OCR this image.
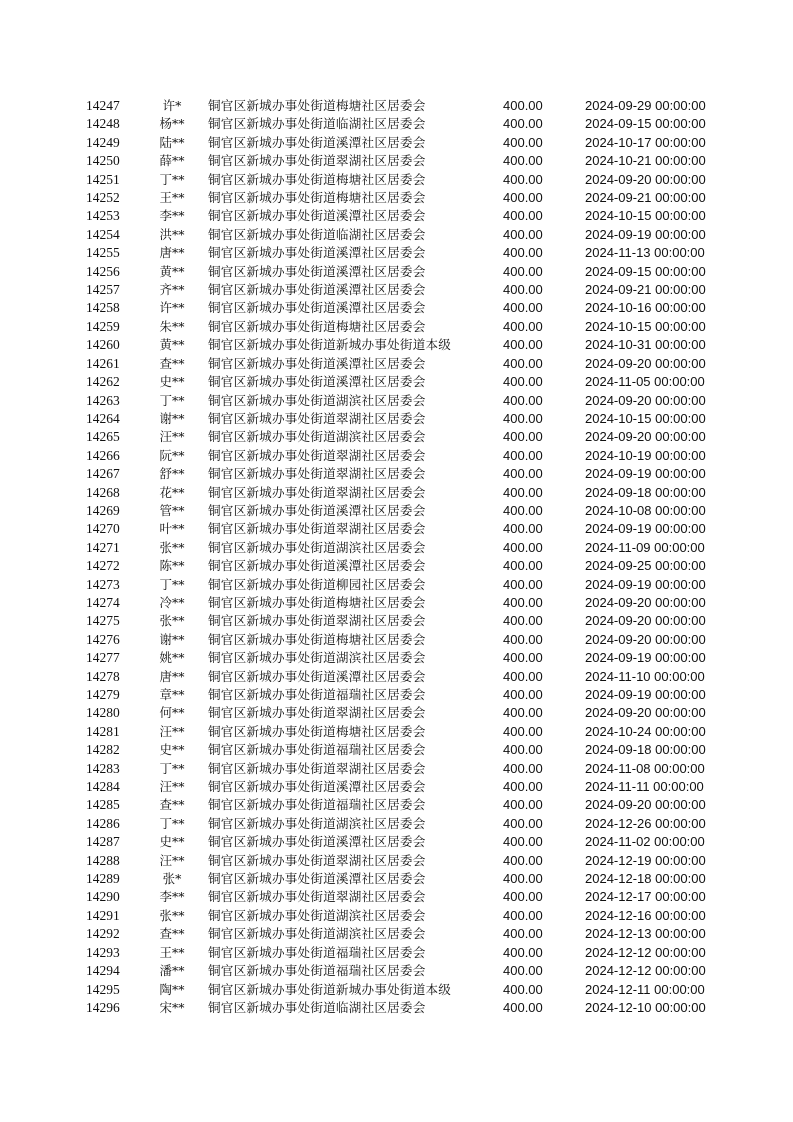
14247	许*	铜官区新城办事处街道梅塘社区居委会	400.00	2024-09-29 00:00:00
14248	杨**	铜官区新城办事处街道临湖社区居委会	400.00	2024-09-15 00:00:00
14249	陆**	铜官区新城办事处街道溪潭社区居委会	400.00	2024-10-17 00:00:00
14250	薛**	铜官区新城办事处街道翠湖社区居委会	400.00	2024-10-21 00:00:00
14251	丁**	铜官区新城办事处街道梅塘社区居委会	400.00	2024-09-20 00:00:00
14252	王**	铜官区新城办事处街道梅塘社区居委会	400.00	2024-09-21 00:00:00
14253	李**	铜官区新城办事处街道溪潭社区居委会	400.00	2024-10-15 00:00:00
14254	洪**	铜官区新城办事处街道临湖社区居委会	400.00	2024-09-19 00:00:00
14255	唐**	铜官区新城办事处街道溪潭社区居委会	400.00	2024-11-13 00:00:00
14256	黄**	铜官区新城办事处街道溪潭社区居委会	400.00	2024-09-15 00:00:00
14257	齐**	铜官区新城办事处街道溪潭社区居委会	400.00	2024-09-21 00:00:00
14258	许**	铜官区新城办事处街道溪潭社区居委会	400.00	2024-10-16 00:00:00
14259	朱**	铜官区新城办事处街道梅塘社区居委会	400.00	2024-10-15 00:00:00
14260	黄**	铜官区新城办事处街道新城办事处街道本级	400.00	2024-10-31 00:00:00
14261	查**	铜官区新城办事处街道溪潭社区居委会	400.00	2024-09-20 00:00:00
14262	史**	铜官区新城办事处街道溪潭社区居委会	400.00	2024-11-05 00:00:00
14263	丁**	铜官区新城办事处街道湖滨社区居委会	400.00	2024-09-20 00:00:00
14264	谢**	铜官区新城办事处街道翠湖社区居委会	400.00	2024-10-15 00:00:00
14265	汪**	铜官区新城办事处街道湖滨社区居委会	400.00	2024-09-20 00:00:00
14266	阮**	铜官区新城办事处街道翠湖社区居委会	400.00	2024-10-19 00:00:00
14267	舒**	铜官区新城办事处街道翠湖社区居委会	400.00	2024-09-19 00:00:00
14268	花**	铜官区新城办事处街道翠湖社区居委会	400.00	2024-09-18 00:00:00
14269	管**	铜官区新城办事处街道溪潭社区居委会	400.00	2024-10-08 00:00:00
14270	叶**	铜官区新城办事处街道翠湖社区居委会	400.00	2024-09-19 00:00:00
14271	张**	铜官区新城办事处街道湖滨社区居委会	400.00	2024-11-09 00:00:00
14272	陈**	铜官区新城办事处街道溪潭社区居委会	400.00	2024-09-25 00:00:00
14273	丁**	铜官区新城办事处街道柳园社区居委会	400.00	2024-09-19 00:00:00
14274	冷**	铜官区新城办事处街道梅塘社区居委会	400.00	2024-09-20 00:00:00
14275	张**	铜官区新城办事处街道翠湖社区居委会	400.00	2024-09-20 00:00:00
14276	谢**	铜官区新城办事处街道梅塘社区居委会	400.00	2024-09-20 00:00:00
14277	姚**	铜官区新城办事处街道湖滨社区居委会	400.00	2024-09-19 00:00:00
14278	唐**	铜官区新城办事处街道溪潭社区居委会	400.00	2024-11-10 00:00:00
14279	章**	铜官区新城办事处街道福瑞社区居委会	400.00	2024-09-19 00:00:00
14280	何**	铜官区新城办事处街道翠湖社区居委会	400.00	2024-09-20 00:00:00
14281	汪**	铜官区新城办事处街道梅塘社区居委会	400.00	2024-10-24 00:00:00
14282	史**	铜官区新城办事处街道福瑞社区居委会	400.00	2024-09-18 00:00:00
14283	丁**	铜官区新城办事处街道翠湖社区居委会	400.00	2024-11-08 00:00:00
14284	汪**	铜官区新城办事处街道溪潭社区居委会	400.00	2024-11-11 00:00:00
14285	查**	铜官区新城办事处街道福瑞社区居委会	400.00	2024-09-20 00:00:00
14286	丁**	铜官区新城办事处街道湖滨社区居委会	400.00	2024-12-26 00:00:00
14287	史**	铜官区新城办事处街道溪潭社区居委会	400.00	2024-11-02 00:00:00
14288	汪**	铜官区新城办事处街道翠湖社区居委会	400.00	2024-12-19 00:00:00
14289	张*	铜官区新城办事处街道溪潭社区居委会	400.00	2024-12-18 00:00:00
14290	李**	铜官区新城办事处街道翠湖社区居委会	400.00	2024-12-17 00:00:00
14291	张**	铜官区新城办事处街道湖滨社区居委会	400.00	2024-12-16 00:00:00
14292	查**	铜官区新城办事处街道湖滨社区居委会	400.00	2024-12-13 00:00:00
14293	王**	铜官区新城办事处街道福瑞社区居委会	400.00	2024-12-12 00:00:00
14294	潘**	铜官区新城办事处街道福瑞社区居委会	400.00	2024-12-12 00:00:00
14295	陶**	铜官区新城办事处街道新城办事处街道本级	400.00	2024-12-11 00:00:00
14296	宋**	铜官区新城办事处街道临湖社区居委会	400.00	2024-12-10 00:00:00
